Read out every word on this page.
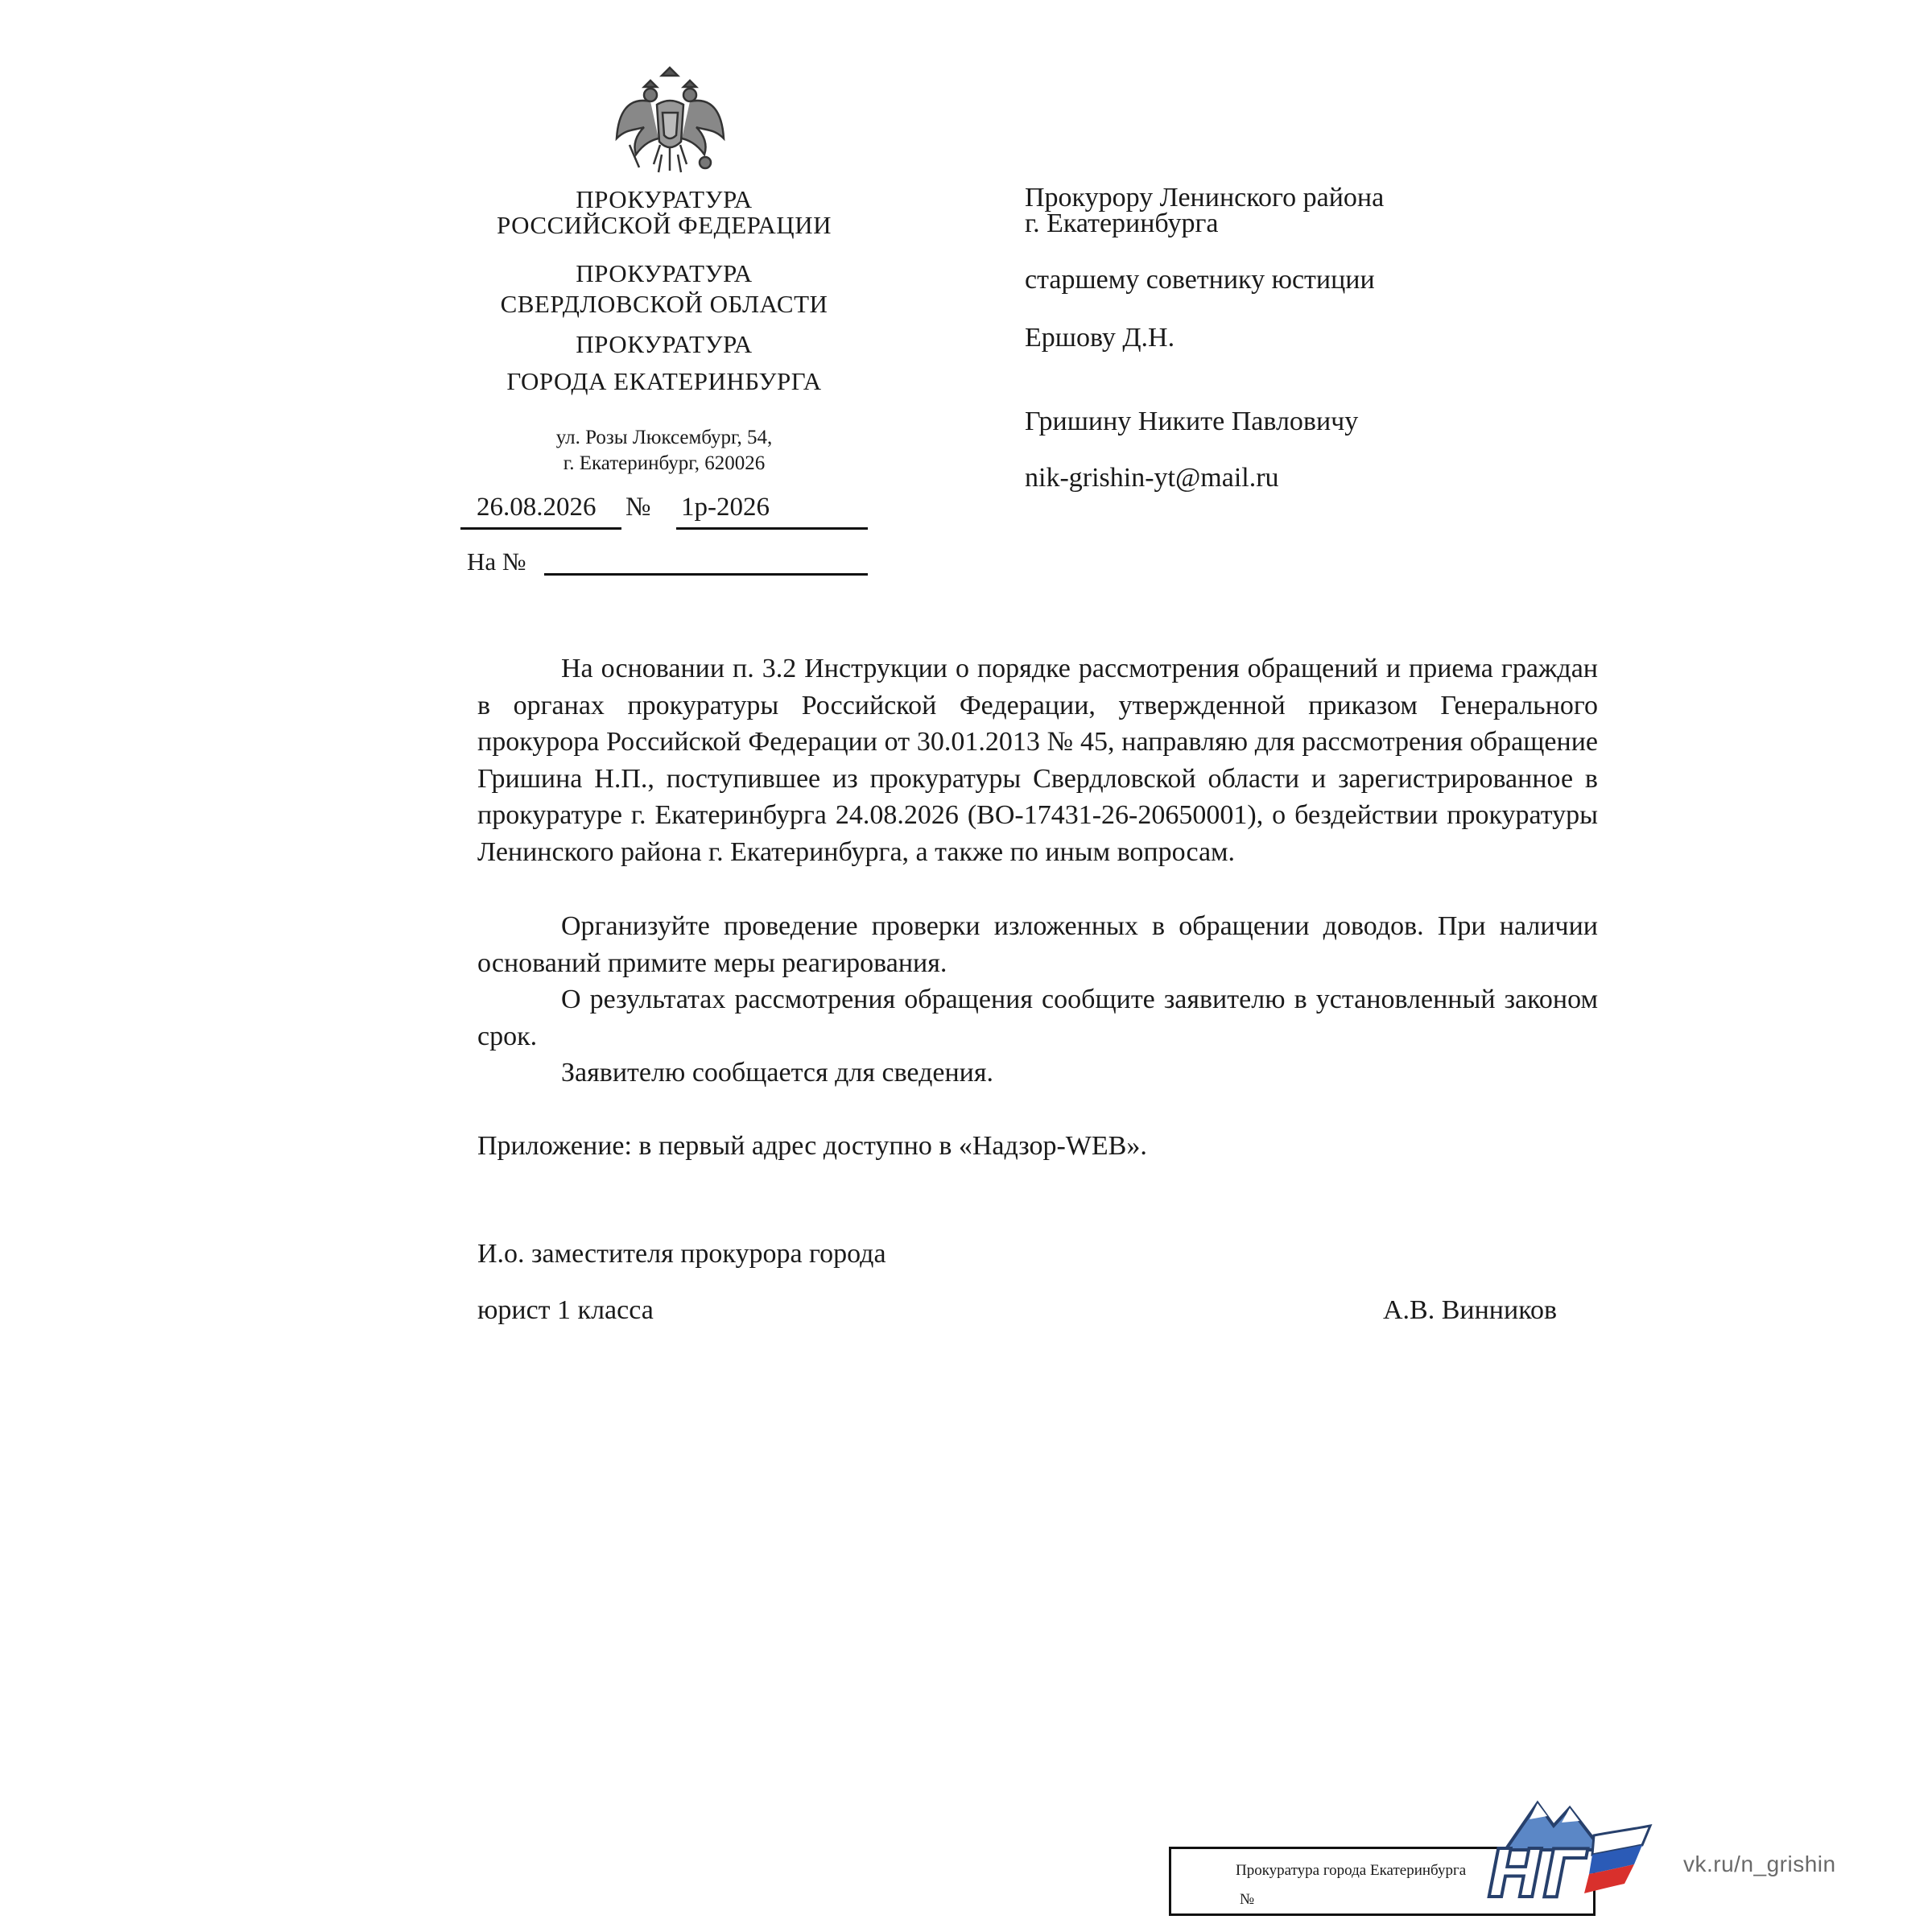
ПРОКУРАТУРА
РОССИЙСКОЙ ФЕДЕРАЦИИ
ПРОКУРАТУРА
СВЕРДЛОВСКОЙ ОБЛАСТИ
ПРОКУРАТУРА
ГОРОДА ЕКАТЕРИНБУРГА
ул. Розы Люксембург, 54,
г. Екатеринбург, 620026
26.08.2026 № 1р-2026
На №
Прокурору Ленинского района
г. Екатеринбурга
старшему советнику юстиции
Ершову Д.Н.
Гришину Никите Павловичу
nik-grishin-yt@mail.ru
На основании п. 3.2 Инструкции о порядке рассмотрения обращений и приема граждан в органах прокуратуры Российской Федерации, утвержденной приказом Генерального прокурора Российской Федерации от 30.01.2013 № 45, направляю для рассмотрения обращение Гришина Н.П., поступившее из прокуратуры Свердловской области и зарегистрированное в прокуратуре г. Екатеринбурга 24.08.2026 (ВО-17431-26-20650001), о бездействии прокуратуры Ленинского района г. Екатеринбурга, а также по иным вопросам.
Организуйте проведение проверки изложенных в обращении доводов. При наличии оснований примите меры реагирования.
О результатах рассмотрения обращения сообщите заявителю в установленный законом срок.
Заявителю сообщается для сведения.
Приложение: в первый адрес доступно в «Надзор-WEB».
И.о. заместителя прокурора города
юрист 1 класса	А.В. Винников
Прокуратура города Екатеринбурга
№	НГ	vk.ru/n_grishin
